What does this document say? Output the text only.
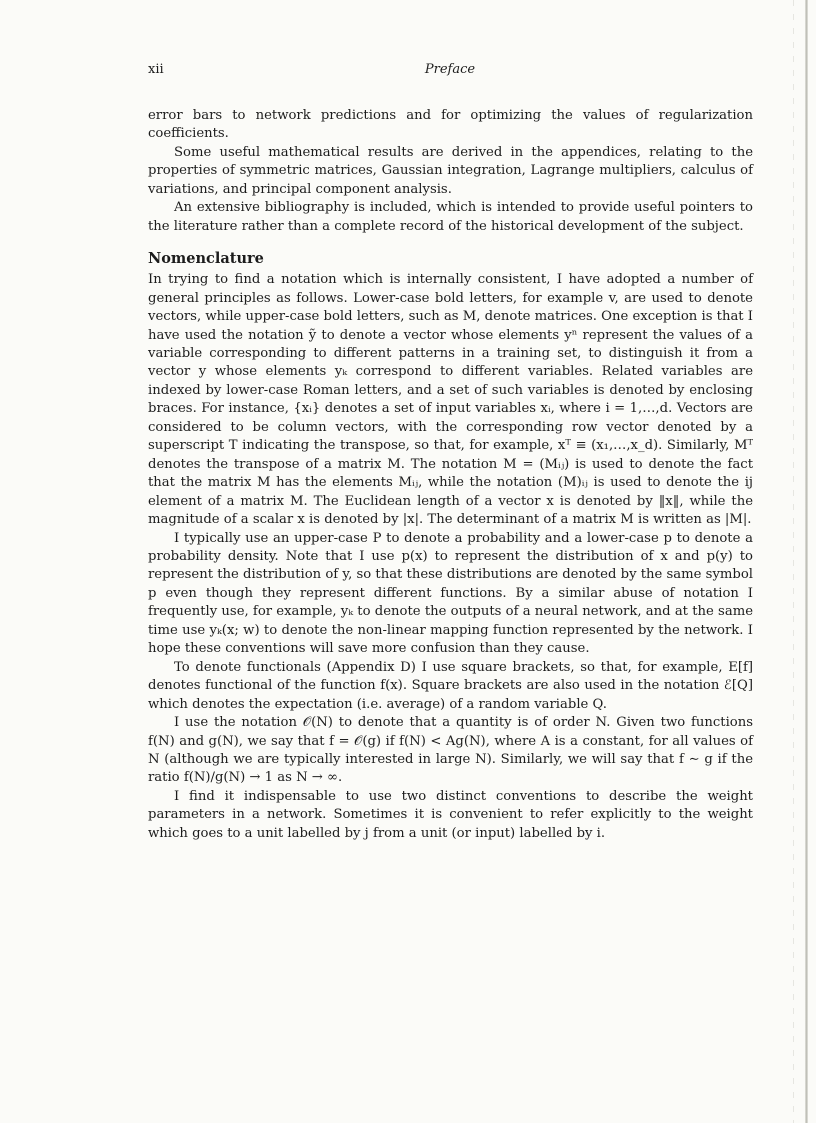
xii	Preface

error bars to network predictions and for optimizing the values of regularization coefficients.

Some useful mathematical results are derived in the appendices, relating to the properties of symmetric matrices, Gaussian integration, Lagrange multipliers, calculus of variations, and principal component analysis.

An extensive bibliography is included, which is intended to provide useful pointers to the literature rather than a complete record of the historical development of the subject.

Nomenclature

In trying to find a notation which is internally consistent, I have adopted a number of general principles as follows. Lower-case bold letters, for example v, are used to denote vectors, while upper-case bold letters, such as M, denote matrices. One exception is that I have used the notation ỹ to denote a vector whose elements yⁿ represent the values of a variable corresponding to different patterns in a training set, to distinguish it from a vector y whose elements yₖ correspond to different variables. Related variables are indexed by lower-case Roman letters, and a set of such variables is denoted by enclosing braces. For instance, {xᵢ} denotes a set of input variables xᵢ, where i = 1,…,d. Vectors are considered to be column vectors, with the corresponding row vector denoted by a superscript T indicating the transpose, so that, for example, xᵀ ≡ (x₁,…,x_d). Similarly, Mᵀ denotes the transpose of a matrix M. The notation M = (Mᵢⱼ) is used to denote the fact that the matrix M has the elements Mᵢⱼ, while the notation (M)ᵢⱼ is used to denote the ij element of a matrix M. The Euclidean length of a vector x is denoted by ‖x‖, while the magnitude of a scalar x is denoted by |x|. The determinant of a matrix M is written as |M|.

I typically use an upper-case P to denote a probability and a lower-case p to denote a probability density. Note that I use p(x) to represent the distribution of x and p(y) to represent the distribution of y, so that these distributions are denoted by the same symbol p even though they represent different functions. By a similar abuse of notation I frequently use, for example, yₖ to denote the outputs of a neural network, and at the same time use yₖ(x; w) to denote the non-linear mapping function represented by the network. I hope these conventions will save more confusion than they cause.

To denote functionals (Appendix D) I use square brackets, so that, for example, E[f] denotes functional of the function f(x). Square brackets are also used in the notation ℰ[Q] which denotes the expectation (i.e. average) of a random variable Q.

I use the notation 𝒪(N) to denote that a quantity is of order N. Given two functions f(N) and g(N), we say that f = 𝒪(g) if f(N) < Ag(N), where A is a constant, for all values of N (although we are typically interested in large N). Similarly, we will say that f ∼ g if the ratio f(N)/g(N) → 1 as N → ∞.

I find it indispensable to use two distinct conventions to describe the weight parameters in a network. Sometimes it is convenient to refer explicitly to the weight which goes to a unit labelled by j from a unit (or input) labelled by i.
